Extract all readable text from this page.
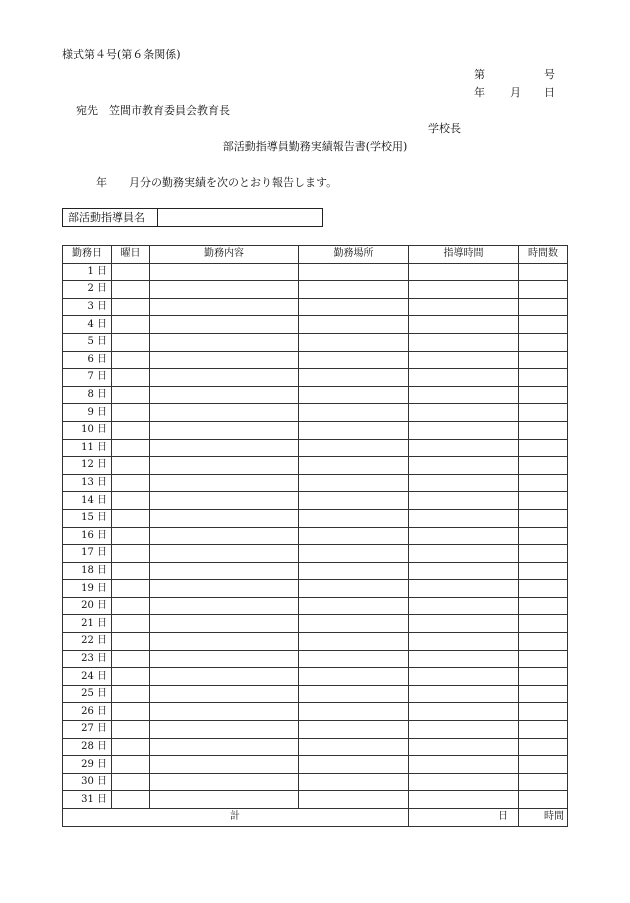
様式第４号(第６条関係)
第	号
年 月 日
宛先　笠間市教育委員会教育長
学校長
部活動指導員勤務実績報告書(学校用)
年　　月分の勤務実績を次のとおり報告します。
部活動指導員名
勤務日	曜日	勤務内容	勤務場所	指導時間	時間数
1 日					
2 日					
3 日					
4 日					
5 日					
6 日					
7 日					
8 日					
9 日					
10 日					
11 日					
12 日					
13 日					
14 日					
15 日					
16 日					
17 日					
18 日					
19 日					
20 日					
21 日					
22 日					
23 日					
24 日					
25 日					
26 日					
27 日					
28 日					
29 日					
30 日					
31 日					
計				日	時間
